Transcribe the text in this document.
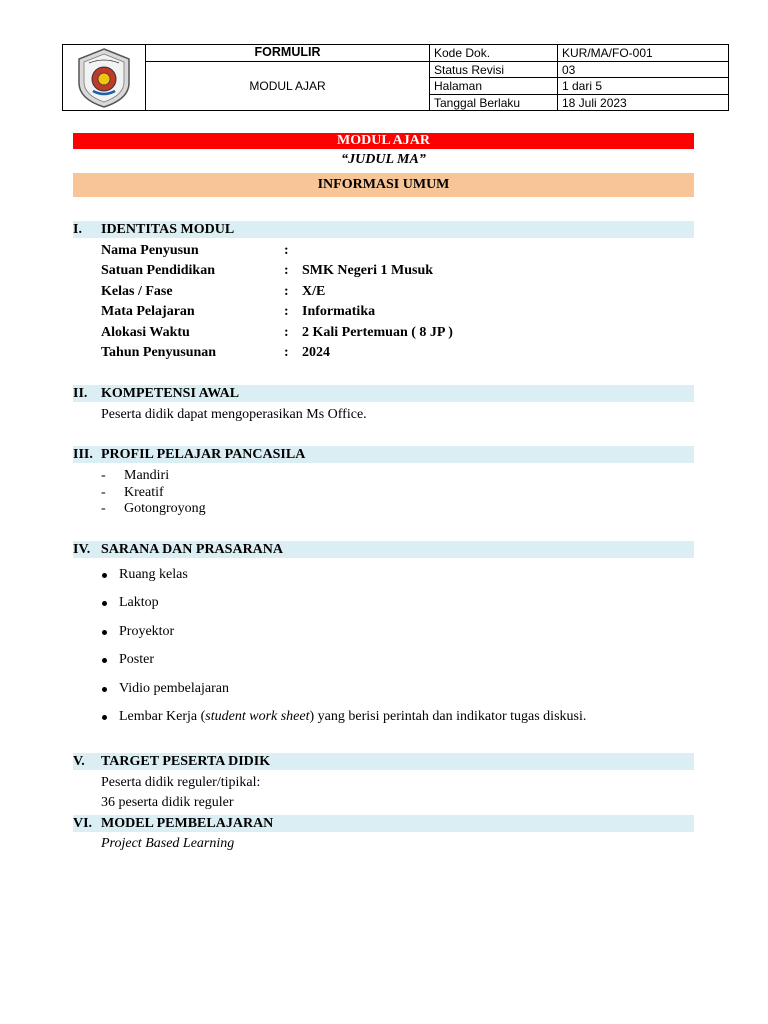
FORMULIR
MODUL AJAR
Kode Dok.	KUR/MA/FO-001
Status Revisi	03
Halaman	1 dari 5
Tanggal Berlaku	18 Juli 2023
MODUL AJAR
“JUDUL MA”
INFORMASI UMUM
I. IDENTITAS MODUL
Nama Penyusun	:
Satuan Pendidikan	: SMK Negeri 1 Musuk
Kelas / Fase	: X/E
Mata Pelajaran	: Informatika
Alokasi Waktu	: 2 Kali Pertemuan ( 8 JP )
Tahun Penyusunan	: 2024
II. KOMPETENSI AWAL
Peserta didik dapat mengoperasikan Ms Office.
III. PROFIL PELAJAR PANCASILA
- Mandiri
- Kreatif
- Gotongroyong
IV. SARANA DAN PRASARANA
Ruang kelas
Laktop
Proyektor
Poster
Vidio pembelajaran
Lembar Kerja (student work sheet) yang berisi perintah dan indikator tugas diskusi.
V. TARGET PESERTA DIDIK
Peserta didik reguler/tipikal:
36 peserta didik reguler
VI. MODEL PEMBELAJARAN
Project Based Learning
